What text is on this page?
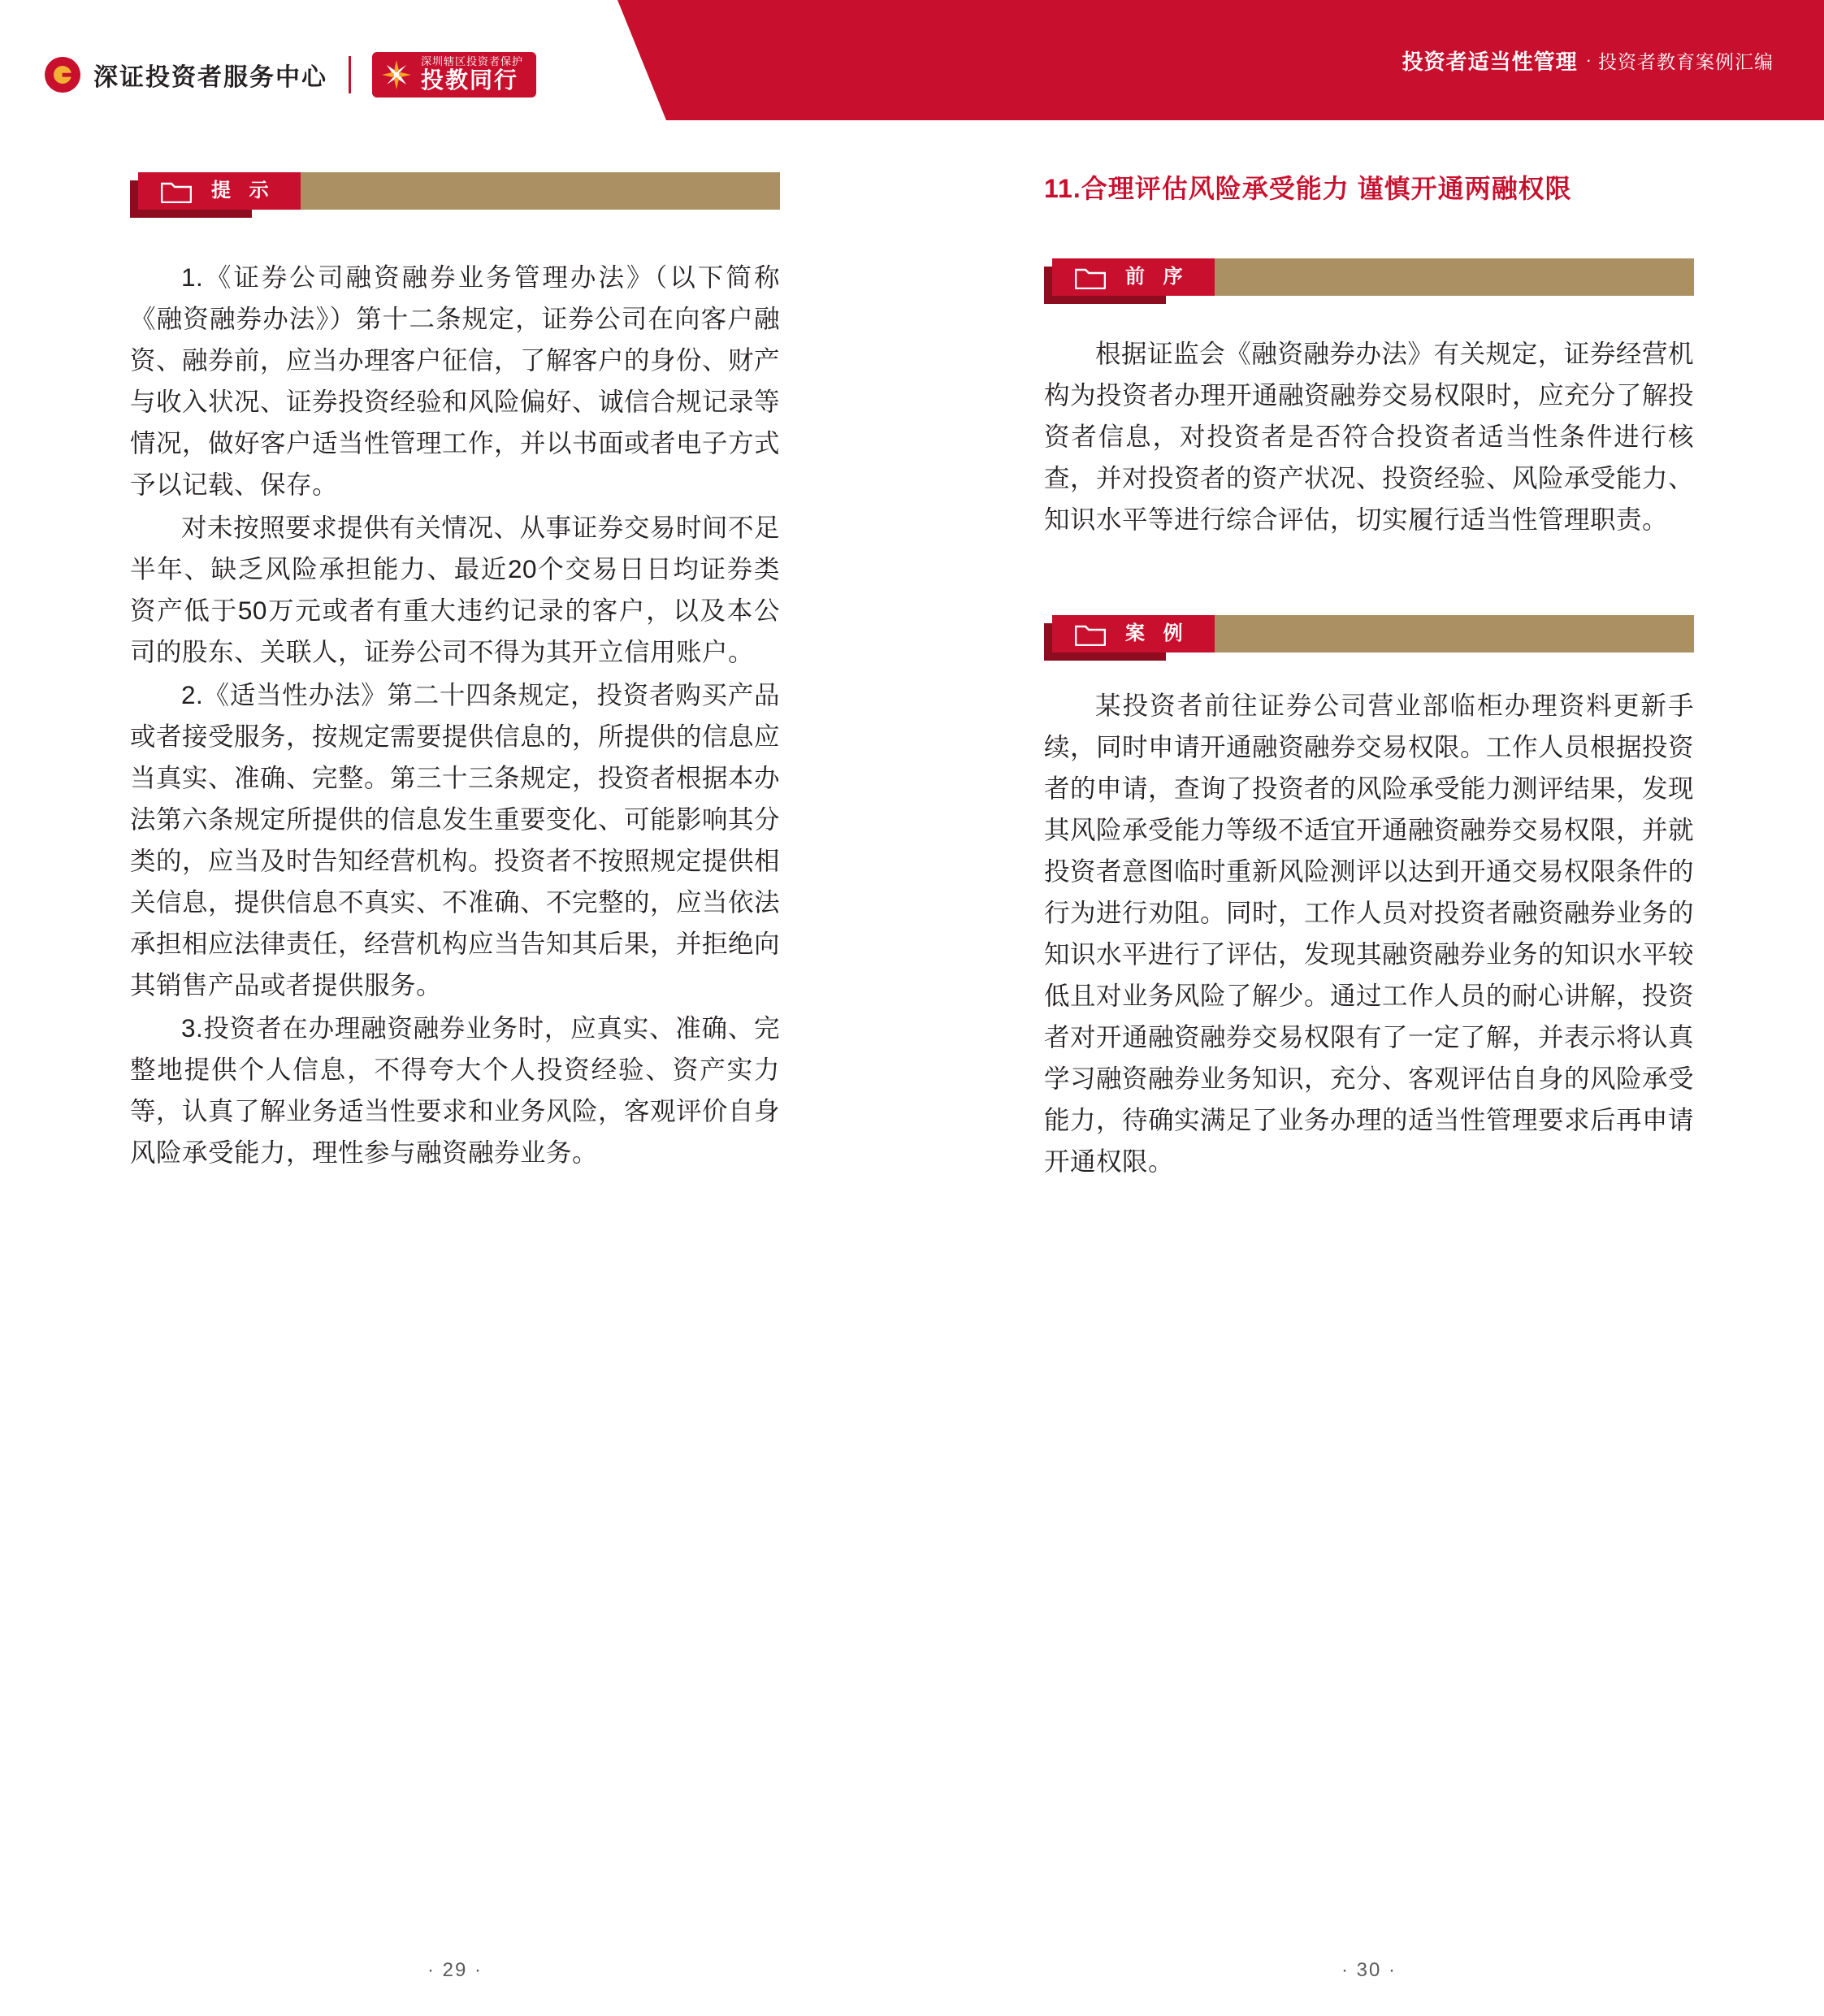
深证投资者服务中心
深圳辖区投资者保护
投教同行
投资者适当性管理 · 投资者教育案例汇编
提 示

1.《证券公司融资融券业务管理办法》（以下简称《融资融券办法》）第十二条规定，证券公司在向客户融资、融券前，应当办理客户征信，了解客户的身份、财产与收入状况、证券投资经验和风险偏好、诚信合规记录等情况，做好客户适当性管理工作，并以书面或者电子方式予以记载、保存。

对未按照要求提供有关情况、从事证券交易时间不足半年、缺乏风险承担能力、最近20个交易日日均证券类资产低于50万元或者有重大违约记录的客户，以及本公司的股东、关联人，证券公司不得为其开立信用账户。

2.《适当性办法》第二十四条规定，投资者购买产品或者接受服务，按规定需要提供信息的，所提供的信息应当真实、准确、完整。第三十三条规定，投资者根据本办法第六条规定所提供的信息发生重要变化、可能影响其分类的，应当及时告知经营机构。投资者不按照规定提供相关信息，提供信息不真实、不准确、不完整的，应当依法承担相应法律责任，经营机构应当告知其后果，并拒绝向其销售产品或者提供服务。

3.投资者在办理融资融券业务时，应真实、准确、完整地提供个人信息，不得夸大个人投资经验、资产实力等，认真了解业务适当性要求和业务风险，客观评价自身风险承受能力，理性参与融资融券业务。

11.合理评估风险承受能力 谨慎开通两融权限
前 序

根据证监会《融资融券办法》有关规定，证券经营机构为投资者办理开通融资融券交易权限时，应充分了解投资者信息，对投资者是否符合投资者适当性条件进行核查，并对投资者的资产状况、投资经验、风险承受能力、知识水平等进行综合评估，切实履行适当性管理职责。

案 例

某投资者前往证券公司营业部临柜办理资料更新手续，同时申请开通融资融券交易权限。工作人员根据投资者的申请，查询了投资者的风险承受能力测评结果，发现其风险承受能力等级不适宜开通融资融券交易权限，并就投资者意图临时重新风险测评以达到开通交易权限条件的行为进行劝阻。同时，工作人员对投资者融资融券业务的知识水平进行了评估，发现其融资融券业务的知识水平较低且对业务风险了解少。通过工作人员的耐心讲解，投资者对开通融资融券交易权限有了一定了解，并表示将认真学习融资融券业务知识，充分、客观评估自身的风险承受能力，待确实满足了业务办理的适当性管理要求后再申请开通权限。

· 29 ·	· 30 ·
